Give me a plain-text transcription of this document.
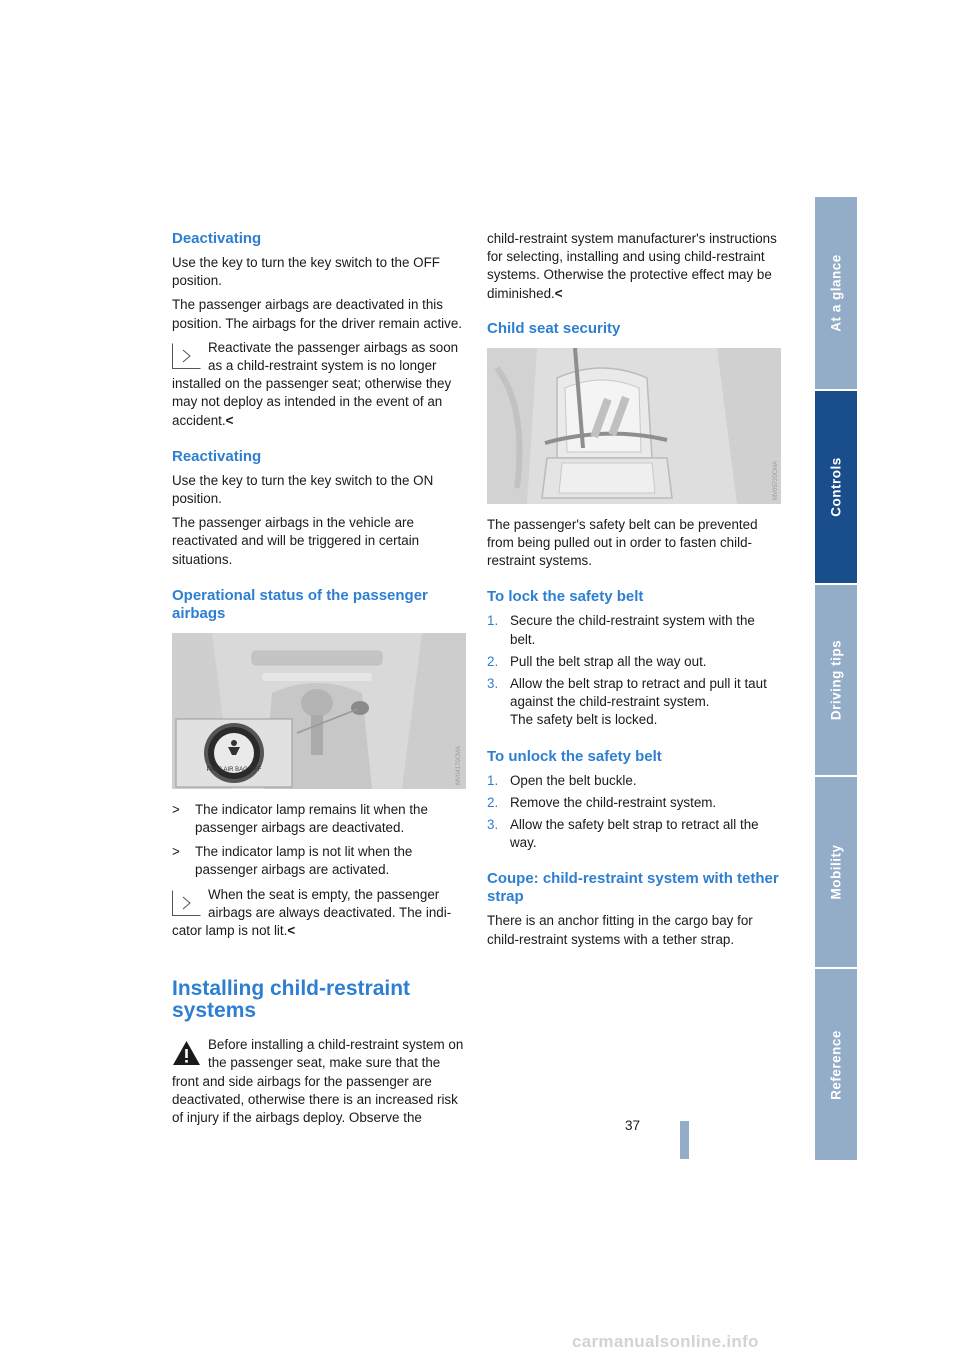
Deactivating
Use the key to turn the key switch to the OFF position.
The passenger airbags are deactivated in this position. The airbags for the driver remain active.
Reactivate the passenger airbags as soon as a child-restraint system is no longer
installed on the passenger seat; otherwise they may not deploy as intended in the event of an accident.<
Reactivating
Use the key to turn the key switch to the ON position.
The passenger airbags in the vehicle are reactivated and will be triggered in certain situations.
Operational status of the passenger airbags
PASS AIR BAG OFF	MV04170CMA
> The indicator lamp remains lit when the passenger airbags are deactivated.
> The indicator lamp is not lit when the passenger airbags are activated.
When the seat is empty, the passenger airbags are always deactivated. The indi-
cator lamp is not lit.<
Installing child-restraint systems
Before installing a child-restraint system on the passenger seat, make sure that the
front and side airbags for the passenger are deactivated, otherwise there is an increased risk of injury if the airbags deploy. Observe the
child-restraint system manufacturer's instructions for selecting, installing and using child-restraint systems. Otherwise the protective effect may be diminished.<
Child seat security
MV05720CMA
The passenger's safety belt can be prevented from being pulled out in order to fasten child-restraint systems.
To lock the safety belt
1. Secure the child-restraint system with the belt.
2. Pull the belt strap all the way out.
3. Allow the belt strap to retract and pull it taut against the child-restraint system.
The safety belt is locked.
To unlock the safety belt
1. Open the belt buckle.
2. Remove the child-restraint system.
3. Allow the safety belt strap to retract all the way.
Coupe: child-restraint system with tether strap
There is an anchor fitting in the cargo bay for child-restraint systems with a tether strap.
At a glance
Controls
Driving tips
Mobility
Reference
37
carmanualsonline.info
